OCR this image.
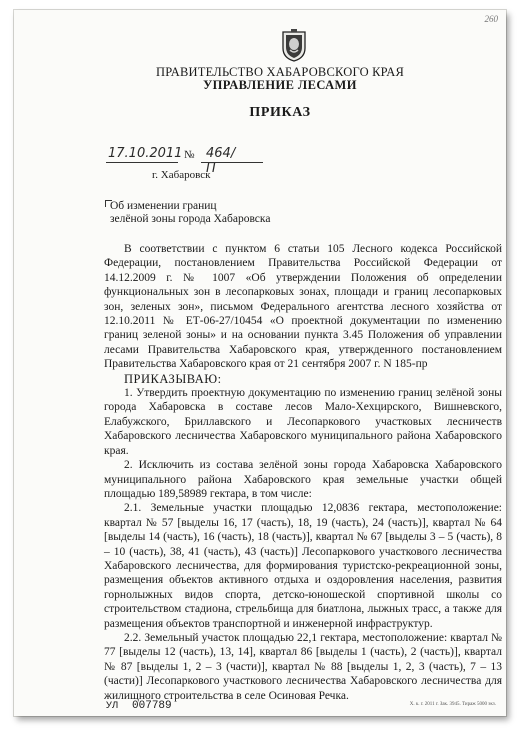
260
ПРАВИТЕЛЬСТВО ХАБАРОВСКОГО КРАЯ
УПРАВЛЕНИЕ ЛЕСАМИ
ПРИКАЗ
17.10.2011 № 464/П
г. Хабаровск
Об изменении границ
зелёной зоны города Хабаровска

В соответствии с пунктом 6 статьи 105 Лесного кодекса Российской Федерации, постановлением Правительства Российской Федерации от 14.12.2009 г. № 1007 «Об утверждении Положения об определении функциональных зон в лесопарковых зонах, площади и границ лесопарковых зон, зеленых зон», письмом Федерального агентства лесного хозяйства от 12.10.2011 № ЕТ-06-27/10454 «О проектной документации по изменению границ зеленой зоны» и на основании пункта 3.45 Положения об управлении лесами Правительства Хабаровского края, утвержденного постановлением Правительства Хабаровского края от 21 сентября 2007 г. N 185-пр

ПРИКАЗЫВАЮ:

1. Утвердить проектную документацию по изменению границ зелёной зоны города Хабаровска в составе лесов Мало-Хехцирского, Вишневского, Елабужского, Бриллавского и Лесопаркового участковых лесничеств Хабаровского лесничества Хабаровского муниципального района Хабаровского края.

2. Исключить из состава зелёной зоны города Хабаровска Хабаровского муниципального района Хабаровского края земельные участки общей площадью 189,58989 гектара, в том числе:

2.1. Земельные участки площадью 12,0836 гектара, местоположение: квартал № 57 [выделы 16, 17 (часть), 18, 19 (часть), 24 (часть)], квартал № 64 [выделы 14 (часть), 16 (часть), 18 (часть)], квартал № 67 [выделы 3 – 5 (часть), 8 – 10 (часть), 38, 41 (часть), 43 (часть)] Лесопаркового участкового лесничества Хабаровского лесничества, для формирования туристско-рекреационной зоны, размещения объектов активного отдыха и оздоровления населения, развития горнолыжных видов спорта, детско-юношеской спортивной школы со строительством стадиона, стрельбища для биатлона, лыжных трасс, а также для размещения объектов транспортной и инженерной инфраструктур.

2.2. Земельный участок площадью 22,1 гектара, местоположение: квартал № 77 [выделы 12 (часть), 13, 14], квартал 86 [выделы 1 (часть), 2 (часть)], квартал № 87 [выделы 1, 2 – 3 (части)], квартал № 88 [выделы 1, 2, 3 (часть), 7 – 13 (части)] Лесопаркового участкового лесничества Хабаровского лесничества для жилищного строительства в селе Осиновая Речка.

УЛ 007789	Х. к. г. 2011 г. Зак. 3945. Тираж 5000 экз.
